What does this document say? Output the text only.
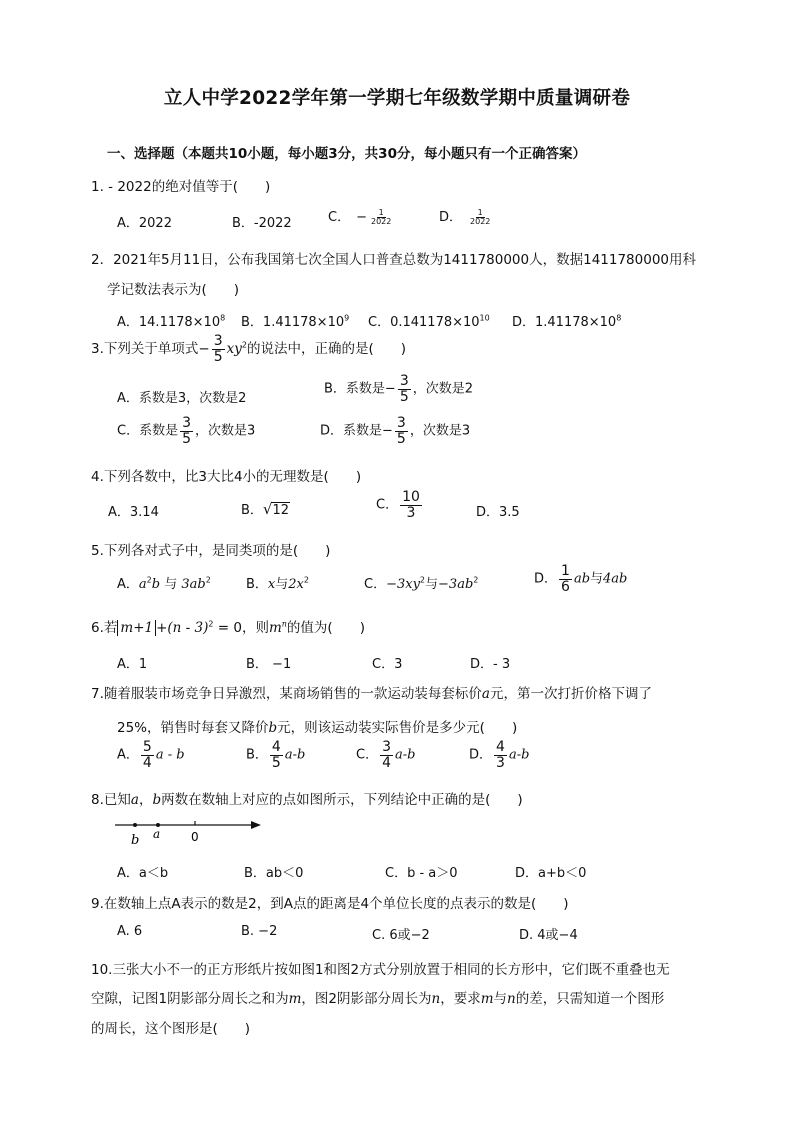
立人中学2022学年第一学期七年级数学期中质量调研卷
一、选择题（本题共10小题，每小题3分，共30分，每小题只有一个正确答案）
1. - 2022的绝对值等于(　　)
A．2022	B．-2022	C． − $\frac{1}{2022}$	D． $\frac{1}{2022}$
2．2021年5月11日，公布我国第七次全国人口普查总数为1411780000人，数据1411780000用科
学记数法表示为(　　)
A．$14.1178\times 10^8$ B．$1.41178\times 10^9$ C．$0.141178\times 10^{10}$ D．$1.41178\times 10^8$
3.下列关于单项式− $\frac{3}{5} xy^2$的说法中，正确的是(　　)
A．系数是3，次数是2
B．系数是− $\frac{3}{5}$ ，次数是2
C．系数是 $\frac{3}{5}$ ，次数是3	D．系数是− $\frac{3}{5}$ ，次数是3
4.下列各数中，比3大比4小的无理数是(　　)
A．3.14	B．√12	C． $\frac{10}{3}$	D．3.5
5.下列各对式子中，是同类项的是(　　)
A．$a^2b$ 与 $3ab^2$	B．x与$2x^2$	C．$-3xy^2$与$-3ab^2$	D． $\frac{1}{6}$ ab与4ab
6.若 m+1 +(n - 3)$^2$ = 0，则$m^n$的值为(　　)
A．1	B． −1	C．3	D．- 3
7.随着服装市场竞争日异激烈，某商场销售的一款运动装每套标价a元，第一次打折价格下调了
25%，销售时每套又降价b元，则该运动装实际售价是多少元(　　)
A． $\frac{5}{4}$ a - b	B． $\frac{4}{5} a-b$	C． $\frac{3}{4} a-b$	D． $\frac{4}{3} a-b$
8.已知a，b两数在数轴上对应的点如图所示，下列结论中正确的是(　　)
b a	0
A．a＜b	B．ab＜0	C．b - a＞0	D．a+b＜0
9.在数轴上点A表示的数是2，到A点的距离是4个单位长度的点表示的数是(　　)
A. 6	B. −2	C. 6或−2	D. 4或−4
10.三张大小不一的正方形纸片按如图1和图2方式分别放置于相同的长方形中，它们既不重叠也无
空隙，记图1阴影部分周长之和为m，图2阴影部分周长为n，要求m与n的差，只需知道一个图形
的周长，这个图形是(　　)
